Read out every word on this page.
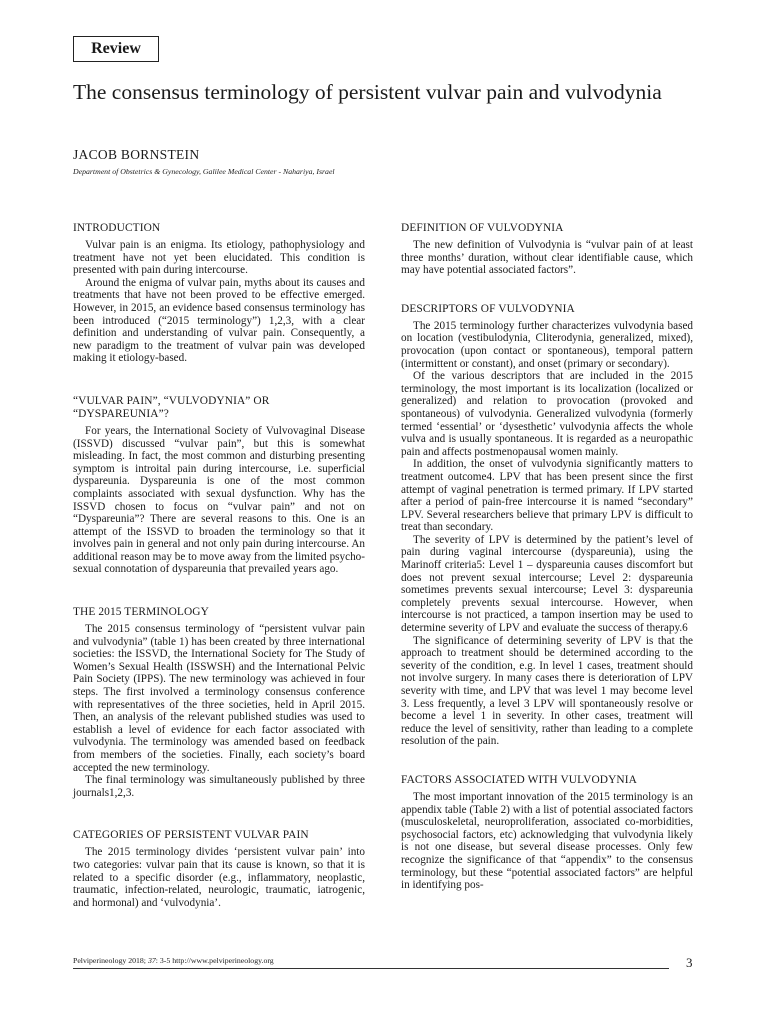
Review
The consensus terminology of persistent vulvar pain and vulvodynia
JACOB BORNSTEIN
Department of Obstetrics & Gynecology, Galilee Medical Center - Nahariya, Israel
INTRODUCTION

Vulvar pain is an enigma. Its etiology, pathophysiology and treatment have not yet been elucidated. This condition is presented with pain during intercourse.

Around the enigma of vulvar pain, myths about its causes and treatments that have not been proved to be effective emerged. However, in 2015, an evidence based consensus terminology has been introduced (“2015 terminology”) 1,2,3, with a clear definition and understanding of vulvar pain. Consequently, a new paradigm to the treatment of vulvar pain was developed making it etiology-based.

“VULVAR PAIN”, “VULVODYNIA” OR “DYSPAREUNIA”?

For years, the International Society of Vulvovaginal Disease (ISSVD) discussed “vulvar pain”, but this is somewhat misleading. In fact, the most common and disturbing presenting symptom is introital pain during intercourse, i.e. superficial dyspareunia. Dyspareunia is one of the most common complaints associated with sexual dysfunction. Why has the ISSVD chosen to focus on “vulvar pain” and not on “Dyspareunia”? There are several reasons to this. One is an attempt of the ISSVD to broaden the terminology so that it involves pain in general and not only pain during intercourse. An additional reason may be to move away from the limited psycho-sexual connotation of dyspareunia that prevailed years ago.

THE 2015 TERMINOLOGY

The 2015 consensus terminology of “persistent vulvar pain and vulvodynia” (table 1) has been created by three international societies: the ISSVD, the International Society for The Study of Women’s Sexual Health (ISSWSH) and the International Pelvic Pain Society (IPPS). The new terminology was achieved in four steps. The first involved a terminology consensus conference with representatives of the three societies, held in April 2015. Then, an analysis of the relevant published studies was used to establish a level of evidence for each factor associated with vulvodynia. The terminology was amended based on feedback from members of the societies. Finally, each society’s board accepted the new terminology.

The final terminology was simultaneously published by three journals1,2,3.

CATEGORIES OF PERSISTENT VULVAR PAIN

The 2015 terminology divides ‘persistent vulvar pain’ into two categories: vulvar pain that its cause is known, so that it is related to a specific disorder (e.g., inflammatory, neoplastic, traumatic, infection-related, neurologic, traumatic, iatrogenic, and hormonal) and ‘vulvodynia’.

DEFINITION OF VULVODYNIA

The new definition of Vulvodynia is “vulvar pain of at least three months’ duration, without clear identifiable cause, which may have potential associated factors”.

DESCRIPTORS OF VULVODYNIA

The 2015 terminology further characterizes vulvodynia based on location (vestibulodynia, Cliterodynia, generalized, mixed), provocation (upon contact or spontaneous), temporal pattern (intermittent or constant), and onset (primary or secondary).

Of the various descriptors that are included in the 2015 terminology, the most important is its localization (localized or generalized) and relation to provocation (provoked and spontaneous) of vulvodynia. Generalized vulvodynia (formerly termed ‘essential’ or ‘dysesthetic’ vulvodynia affects the whole vulva and is usually spontaneous. It is regarded as a neuropathic pain and affects postmenopausal women mainly.

In addition, the onset of vulvodynia significantly matters to treatment outcome4. LPV that has been present since the first attempt of vaginal penetration is termed primary. If LPV started after a period of pain-free intercourse it is named “secondary” LPV. Several researchers believe that primary LPV is difficult to treat than secondary.

The severity of LPV is determined by the patient’s level of pain during vaginal intercourse (dyspareunia), using the Marinoff criteria5: Level 1 – dyspareunia causes discomfort but does not prevent sexual intercourse; Level 2: dyspareunia sometimes prevents sexual intercourse; Level 3: dyspareunia completely prevents sexual intercourse. However, when intercourse is not practiced, a tampon insertion may be used to determine severity of LPV and evaluate the success of therapy.6

The significance of determining severity of LPV is that the approach to treatment should be determined according to the severity of the condition, e.g. In level 1 cases, treatment should not involve surgery. In many cases there is deterioration of LPV severity with time, and LPV that was level 1 may become level 3. Less frequently, a level 3 LPV will spontaneously resolve or become a level 1 in severity. In other cases, treatment will reduce the level of sensitivity, rather than leading to a complete resolution of the pain.

FACTORS ASSOCIATED WITH VULVODYNIA

The most important innovation of the 2015 terminology is an appendix table (Table 2) with a list of potential associated factors (musculoskeletal, neuroproliferation, associated co-morbidities, psychosocial factors, etc) acknowledging that vulvodynia likely is not one disease, but several disease processes. Only few recognize the significance of that “appendix” to the consensus terminology, but these “potential associated factors” are helpful in identifying pos-

Pelviperineology 2018; 37: 3-5 http://www.pelviperineology.org	3
